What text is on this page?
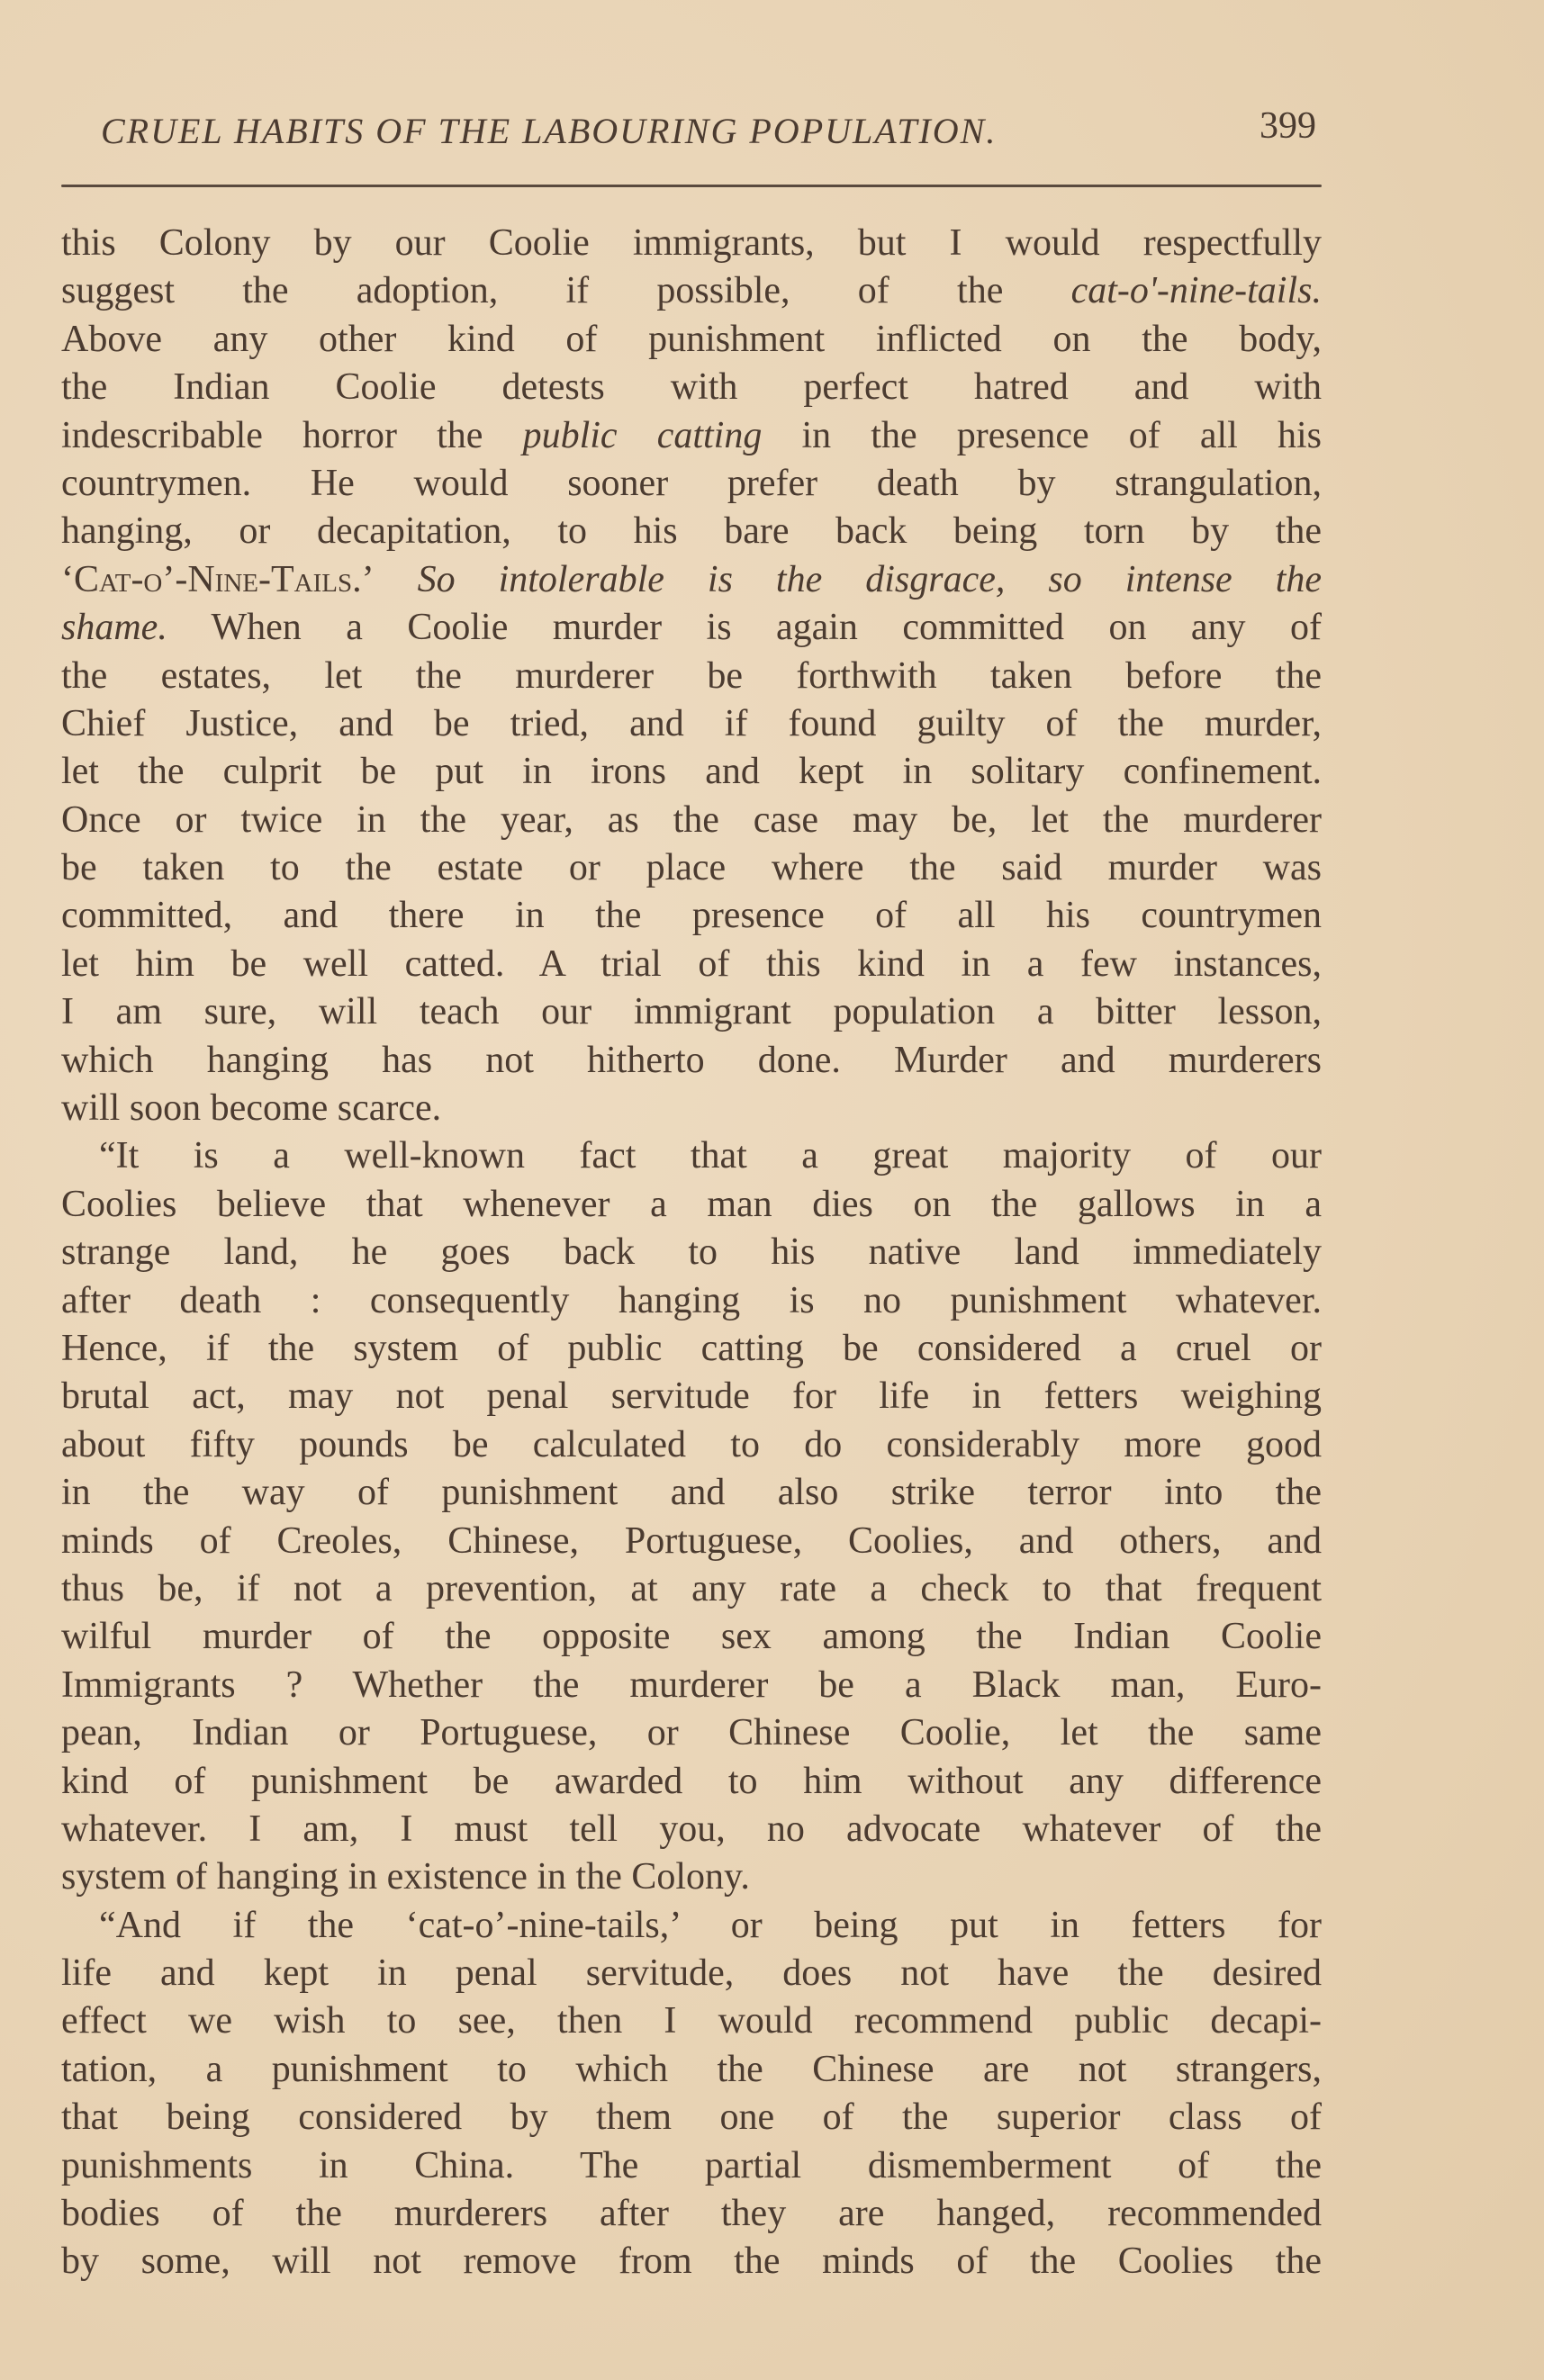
CRUEL HABITS OF THE LABOURING POPULATION.	399
this Colony by our Coolie immigrants, but I would respectfully
suggest the adoption, if possible, of the cat-o'-nine-tails.
Above any other kind of punishment inflicted on the body,
the Indian Coolie detests with perfect hatred and with
indescribable horror the public catting in the presence of all his
countrymen. He would sooner prefer death by strangulation,
hanging, or decapitation, to his bare back being torn by the
‘Cat-o’-Nine-Tails.’ So intolerable is the disgrace, so intense the
shame. When a Coolie murder is again committed on any of
the estates, let the murderer be forthwith taken before the
Chief Justice, and be tried, and if found guilty of the murder,
let the culprit be put in irons and kept in solitary confinement.
Once or twice in the year, as the case may be, let the murderer
be taken to the estate or place where the said murder was
committed, and there in the presence of all his countrymen
let him be well catted. A trial of this kind in a few instances,
I am sure, will teach our immigrant population a bitter lesson,
which hanging has not hitherto done. Murder and murderers
will soon become scarce.
“It is a well-known fact that a great majority of our
Coolies believe that whenever a man dies on the gallows in a
strange land, he goes back to his native land immediately
after death : consequently hanging is no punishment whatever.
Hence, if the system of public catting be considered a cruel or
brutal act, may not penal servitude for life in fetters weighing
about fifty pounds be calculated to do considerably more good
in the way of punishment and also strike terror into the
minds of Creoles, Chinese, Portuguese, Coolies, and others, and
thus be, if not a prevention, at any rate a check to that frequent
wilful murder of the opposite sex among the Indian Coolie
Immigrants ? Whether the murderer be a Black man, Euro-
pean, Indian or Portuguese, or Chinese Coolie, let the same
kind of punishment be awarded to him without any difference
whatever. I am, I must tell you, no advocate whatever of the
system of hanging in existence in the Colony.
“And if the ‘cat-o’-nine-tails,’ or being put in fetters for
life and kept in penal servitude, does not have the desired
effect we wish to see, then I would recommend public decapi-
tation, a punishment to which the Chinese are not strangers,
that being considered by them one of the superior class of
punishments in China. The partial dismemberment of the
bodies of the murderers after they are hanged, recommended
by some, will not remove from the minds of the Coolies the
